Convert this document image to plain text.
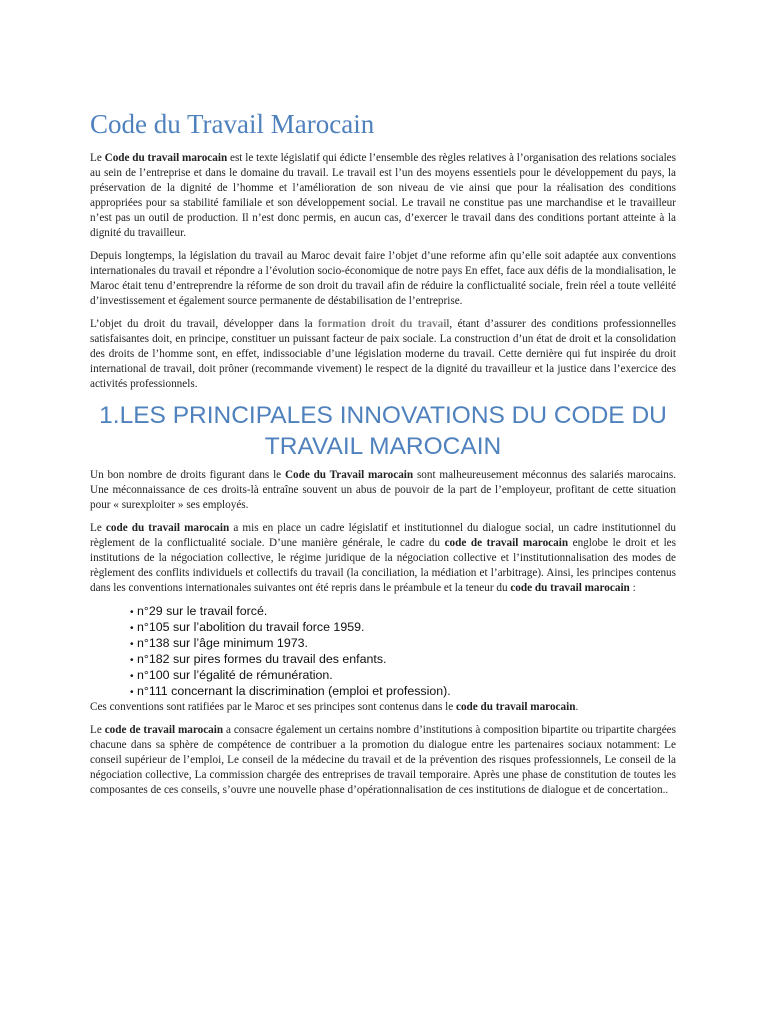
Code du Travail Marocain

Le Code du travail marocain est le texte législatif qui édicte l’ensemble des règles relatives à l’organisation des relations sociales au sein de l’entreprise et dans le domaine du travail. Le travail est l’un des moyens essentiels pour le développement du pays, la préservation de la dignité de l’homme et l’amélioration de son niveau de vie ainsi que pour la réalisation des conditions appropriées pour sa stabilité familiale et son développement social. Le travail ne constitue pas une marchandise et le travailleur n’est pas un outil de production. Il n’est donc permis, en aucun cas, d’exercer le travail dans des conditions portant atteinte à la dignité du travailleur.

Depuis longtemps, la législation du travail au Maroc devait faire l’objet d’une reforme afin qu’elle soit adaptée aux conventions internationales du travail et répondre a l’évolution socio-économique de notre pays En effet, face aux défis de la mondialisation, le Maroc était tenu d’entreprendre la réforme de son droit du travail afin de réduire la conflictualité sociale, frein réel a toute velléité d’investissement et également source permanente de déstabilisation de l’entreprise.

L’objet du droit du travail, développer dans la formation droit du travail, étant d’assurer des conditions professionnelles satisfaisantes doit, en principe, constituer un puissant facteur de paix sociale. La construction d’un état de droit et la consolidation des droits de l’homme sont, en effet, indissociable d’une législation moderne du travail. Cette dernière qui fut inspirée du droit international de travail, doit prôner (recommande vivement) le respect de la dignité du travailleur et la justice dans l’exercice des activités professionnels.

1.LES PRINCIPALES INNOVATIONS DU CODE DU TRAVAIL MAROCAIN

Un bon nombre de droits figurant dans le Code du Travail marocain sont malheureusement méconnus des salariés marocains. Une méconnaissance de ces droits-là entraîne souvent un abus de pouvoir de la part de l’employeur, profitant de cette situation pour « surexploiter » ses employés.

Le code du travail marocain a mis en place un cadre législatif et institutionnel du dialogue social, un cadre institutionnel du règlement de la conflictualité sociale. D’une manière générale, le cadre du code de travail marocain englobe le droit et les institutions de la négociation collective, le régime juridique de la négociation collective et l’institutionnalisation des modes de règlement des conflits individuels et collectifs du travail (la conciliation, la médiation et l’arbitrage). Ainsi, les principes contenus dans les conventions internationales suivantes ont été repris dans le préambule et la teneur du code du travail marocain :

• n°29 sur le travail forcé.
• n°105 sur l’abolition du travail force 1959.
• n°138 sur l’âge minimum 1973.
• n°182 sur pires formes du travail des enfants.
• n°100 sur l’égalité de rémunération.
• n°111 concernant la discrimination (emploi et profession).

Ces conventions sont ratifiées par le Maroc et ses principes sont contenus dans le code du travail marocain.

Le code de travail marocain a consacre également un certains nombre d’institutions à composition bipartite ou tripartite chargées chacune dans sa sphère de compétence de contribuer a la promotion du dialogue entre les partenaires sociaux notamment: Le conseil supérieur de l’emploi, Le conseil de la médecine du travail et de la prévention des risques professionnels, Le conseil de la négociation collective, La commission chargée des entreprises de travail temporaire. Après une phase de constitution de toutes les composantes de ces conseils, s’ouvre une nouvelle phase d’opérationnalisation de ces institutions de dialogue et de concertation..
